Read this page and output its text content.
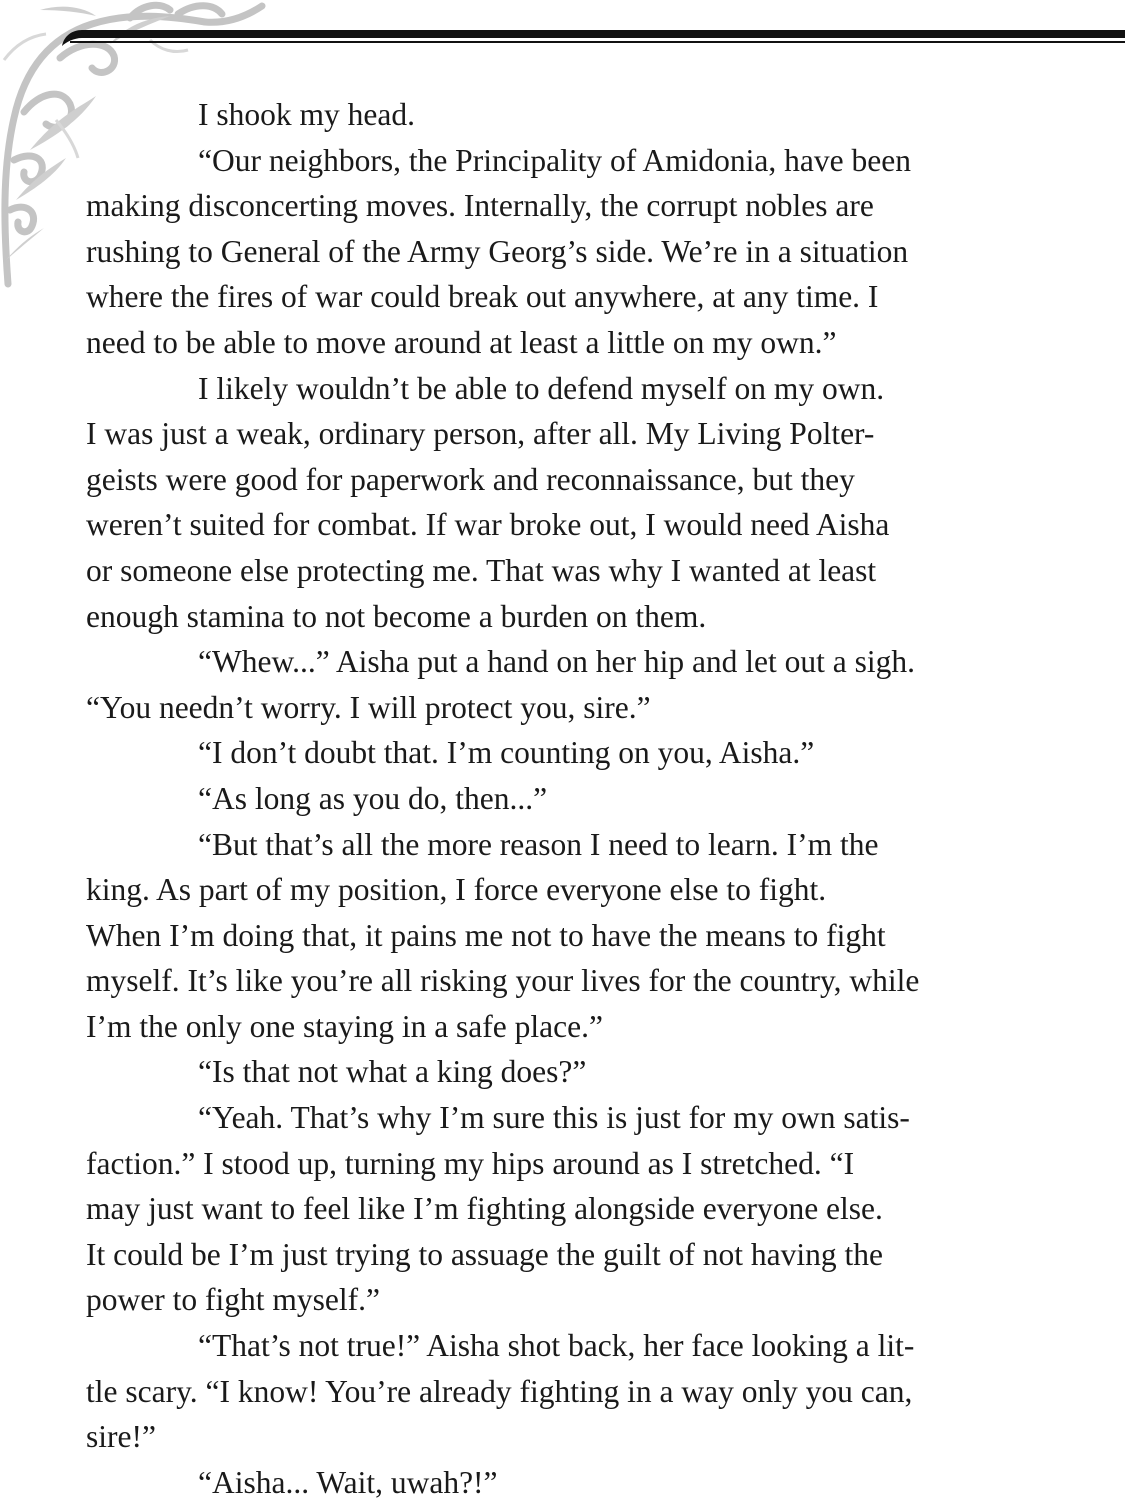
I shook my head.
“Our neighbors, the Principality of Amidonia, have been
making disconcerting moves. Internally, the corrupt nobles are
rushing to General of the Army Georg’s side. We’re in a situation
where the fires of war could break out anywhere, at any time. I
need to be able to move around at least a little on my own.”
I likely wouldn’t be able to defend myself on my own.
I was just a weak, ordinary person, after all. My Living Polter-
geists were good for paperwork and reconnaissance, but they
weren’t suited for combat. If war broke out, I would need Aisha
or someone else protecting me. That was why I wanted at least
enough stamina to not become a burden on them.
“Whew...” Aisha put a hand on her hip and let out a sigh.
“You needn’t worry. I will protect you, sire.”
“I don’t doubt that. I’m counting on you, Aisha.”
“As long as you do, then...”
“But that’s all the more reason I need to learn. I’m the
king. As part of my position, I force everyone else to fight.
When I’m doing that, it pains me not to have the means to fight
myself. It’s like you’re all risking your lives for the country, while
I’m the only one staying in a safe place.”
“Is that not what a king does?”
“Yeah. That’s why I’m sure this is just for my own satis-
faction.” I stood up, turning my hips around as I stretched. “I
may just want to feel like I’m fighting alongside everyone else.
It could be I’m just trying to assuage the guilt of not having the
power to fight myself.”
“That’s not true!” Aisha shot back, her face looking a lit-
tle scary. “I know! You’re already fighting in a way only you can,
sire!”
“Aisha... Wait, uwah?!”
